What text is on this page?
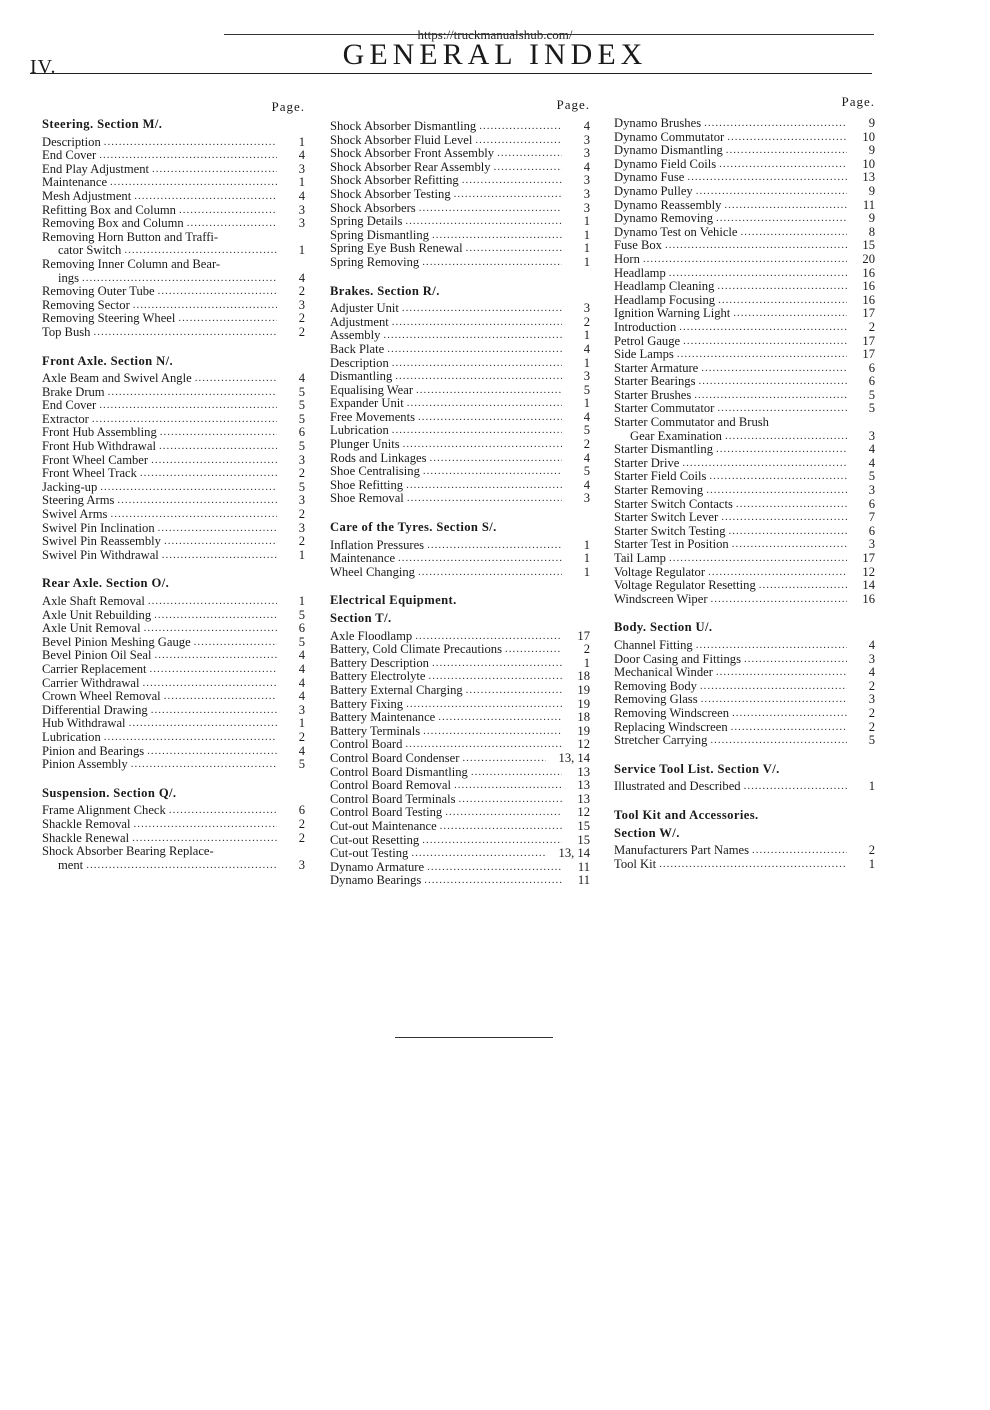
https://truckmanualshub.com/
IV.	GENERAL INDEX
Page.
Steering. Section M/.
Description .....	1
End Cover .....	4
End Play Adjustment .....	3
Maintenance .....	1
Mesh Adjustment .....	4
Refitting Box and Column .....	3
Removing Box and Column .....	3
Removing Horn Button and Traffi-
cator Switch .....	1
Removing Inner Column and Bear-
ings .....	4
Removing Outer Tube .....	2
Removing Sector .....	3
Removing Steering Wheel .....	2
Top Bush .....	2
Front Axle. Section N/.
Axle Beam and Swivel Angle .....	4
Brake Drum .....	5
End Cover .....	5
Extractor .....	5
Front Hub Assembling .....	6
Front Hub Withdrawal .....	5
Front Wheel Camber .....	3
Front Wheel Track .....	2
Jacking-up .....	5
Steering Arms .....	3
Swivel Arms .....	2
Swivel Pin Inclination .....	3
Swivel Pin Reassembly .....	2
Swivel Pin Withdrawal .....	1
Rear Axle. Section O/.
Axle Shaft Removal .....	1
Axle Unit Rebuilding .....	5
Axle Unit Removal .....	6
Bevel Pinion Meshing Gauge .....	5
Bevel Pinion Oil Seal .....	4
Carrier Replacement .....	4
Carrier Withdrawal .....	4
Crown Wheel Removal .....	4
Differential Drawing .....	3
Hub Withdrawal .....	1
Lubrication .....	2
Pinion and Bearings .....	4
Pinion Assembly .....	5
Suspension. Section Q/.
Frame Alignment Check .....	6
Shackle Removal .....	2
Shackle Renewal .....	2
Shock Absorber Bearing Replace-
ment .....	3
Page.
Shock Absorber Dismantling .....	4
Shock Absorber Fluid Level .....	3
Shock Absorber Front Assembly .....	3
Shock Absorber Rear Assembly .....	4
Shock Absorber Refitting .....	3
Shock Absorber Testing .....	3
Shock Absorbers .....	3
Spring Details .....	1
Spring Dismantling .....	1
Spring Eye Bush Renewal .....	1
Spring Removing .....	1
Brakes. Section R/.
Adjuster Unit .....	3
Adjustment .....	2
Assembly .....	1
Back Plate .....	4
Description .....	1
Dismantling .....	3
Equalising Wear .....	5
Expander Unit .....	1
Free Movements .....	4
Lubrication .....	5
Plunger Units .....	2
Rods and Linkages .....	4
Shoe Centralising .....	5
Shoe Refitting .....	4
Shoe Removal .....	3
Care of the Tyres. Section S/.
Inflation Pressures .....	1
Maintenance .....	1
Wheel Changing .....	1
Electrical Equipment.
Section T/.
Axle Floodlamp .....	17
Battery, Cold Climate Precautions .....	2
Battery Description .....	1
Battery Electrolyte .....	18
Battery External Charging .....	19
Battery Fixing .....	19
Battery Maintenance .....	18
Battery Terminals .....	19
Control Board .....	12
Control Board Condenser .....	13, 14
Control Board Dismantling .....	13
Control Board Removal .....	13
Control Board Terminals .....	13
Control Board Testing .....	12
Cut-out Maintenance .....	15
Cut-out Resetting .....	15
Cut-out Testing .....	13, 14
Dynamo Armature .....	11
Dynamo Bearings .....	11
Page.
Dynamo Brushes .....	9
Dynamo Commutator .....	10
Dynamo Dismantling .....	9
Dynamo Field Coils .....	10
Dynamo Fuse .....	13
Dynamo Pulley .....	9
Dynamo Reassembly .....	11
Dynamo Removing .....	9
Dynamo Test on Vehicle .....	8
Fuse Box .....	15
Horn .....	20
Headlamp .....	16
Headlamp Cleaning .....	16
Headlamp Focusing .....	16
Ignition Warning Light .....	17
Introduction .....	2
Petrol Gauge .....	17
Side Lamps .....	17
Starter Armature .....	6
Starter Bearings .....	6
Starter Brushes .....	5
Starter Commutator .....	5
Starter Commutator and Brush
Gear Examination .....	3
Starter Dismantling .....	4
Starter Drive .....	4
Starter Field Coils .....	5
Starter Removing .....	3
Starter Switch Contacts .....	6
Starter Switch Lever .....	7
Starter Switch Testing .....	6
Starter Test in Position .....	3
Tail Lamp .....	17
Voltage Regulator .....	12
Voltage Regulator Resetting .....	14
Windscreen Wiper .....	16
Body. Section U/.
Channel Fitting .....	4
Door Casing and Fittings .....	3
Mechanical Winder .....	4
Removing Body .....	2
Removing Glass .....	3
Removing Windscreen .....	2
Replacing Windscreen .....	2
Stretcher Carrying .....	5
Service Tool List. Section V/.
Illustrated and Described .....	1
Tool Kit and Accessories.
Section W/.
Manufacturers Part Names .....	2
Tool Kit .....	1
